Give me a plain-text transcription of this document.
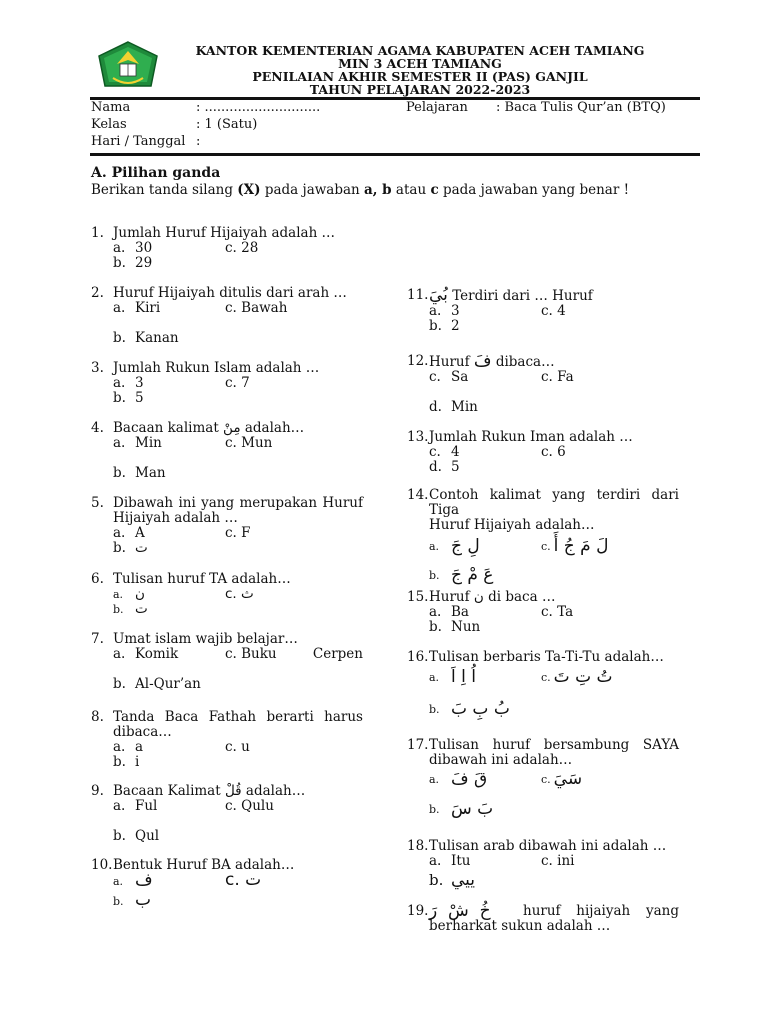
KANTOR KEMENTERIAN AGAMA KABUPATEN ACEH TAMIANG
MIN 3 ACEH TAMIANG
PENILAIAN AKHIR SEMESTER II (PAS) GANJIL
TAHUN PELAJARAN 2022-2023
Nama	: ............................	Pelajaran : Baca Tulis Qur’an (BTQ)
Kelas	: 1 (Satu)
Hari / Tanggal :
A. Pilihan ganda
Berikan tanda silang (X) pada jawaban a, b atau c pada jawaban yang benar !
1. Jumlah Huruf Hijaiyah adalah …
a. 30	c. 28
b. 29
2. Huruf Hijaiyah ditulis dari arah …
a. Kiri	c. Bawah
b. Kanan
3. Jumlah Rukun Islam adalah …
a. 3	c. 7
b. 5
4. Bacaan kalimat مِنْ adalah…
a. Min	c. Mun
b. Man
5. Dibawah ini yang merupakan Huruf
Hijaiyah adalah …
a. A	c. F
b. ت
6. Tulisan huruf TA adalah…
a. ن	c. ث
b. ت
7. Umat islam wajib belajar…
a. Komik	c. Buku	Cerpen
b. Al-Qur’an
8. Tanda Baca Fathah berarti harus
dibaca…
a. a	c. u
b. i
9. Bacaan Kalimat قُلْ adalah…
a. Ful	c. Qulu
b. Qul
10. Bentuk Huruf BA adalah…
a. ف	c. ت
b. ب
11. بُيَ Terdiri dari … Huruf
a. 3	c. 4
b. 2
12. Huruf فَ dibaca…
c. Sa	c. Fa
d. Min
13. Jumlah Rukun Iman adalah …
c. 4	c. 6
d. 5
14. Contoh kalimat yang terdiri dari Tiga
Huruf Hijaiyah adalah…
a. لِ جَ	c. لَ مَ جُ أَ
b. عَ مْ جَ
15. Huruf ن di baca …
a. Ba	c. Ta
b. Nun
16. Tulisan berbaris Ta-Ti-Tu adalah…
a. اُ اِ اَ	c. تُ تِ تَ
b. بُ بِ بَ
17. Tulisan huruf bersambung SAYA
dibawah ini adalah…
a. قَ فَ	c. سَيَ
b. بَ سَ
18. Tulisan arab dibawah ini adalah …
a. Itu	c. ini
b. ييي
19. خُ  شْ  رَ	huruf hijaiyah yang
berharkat sukun adalah …
